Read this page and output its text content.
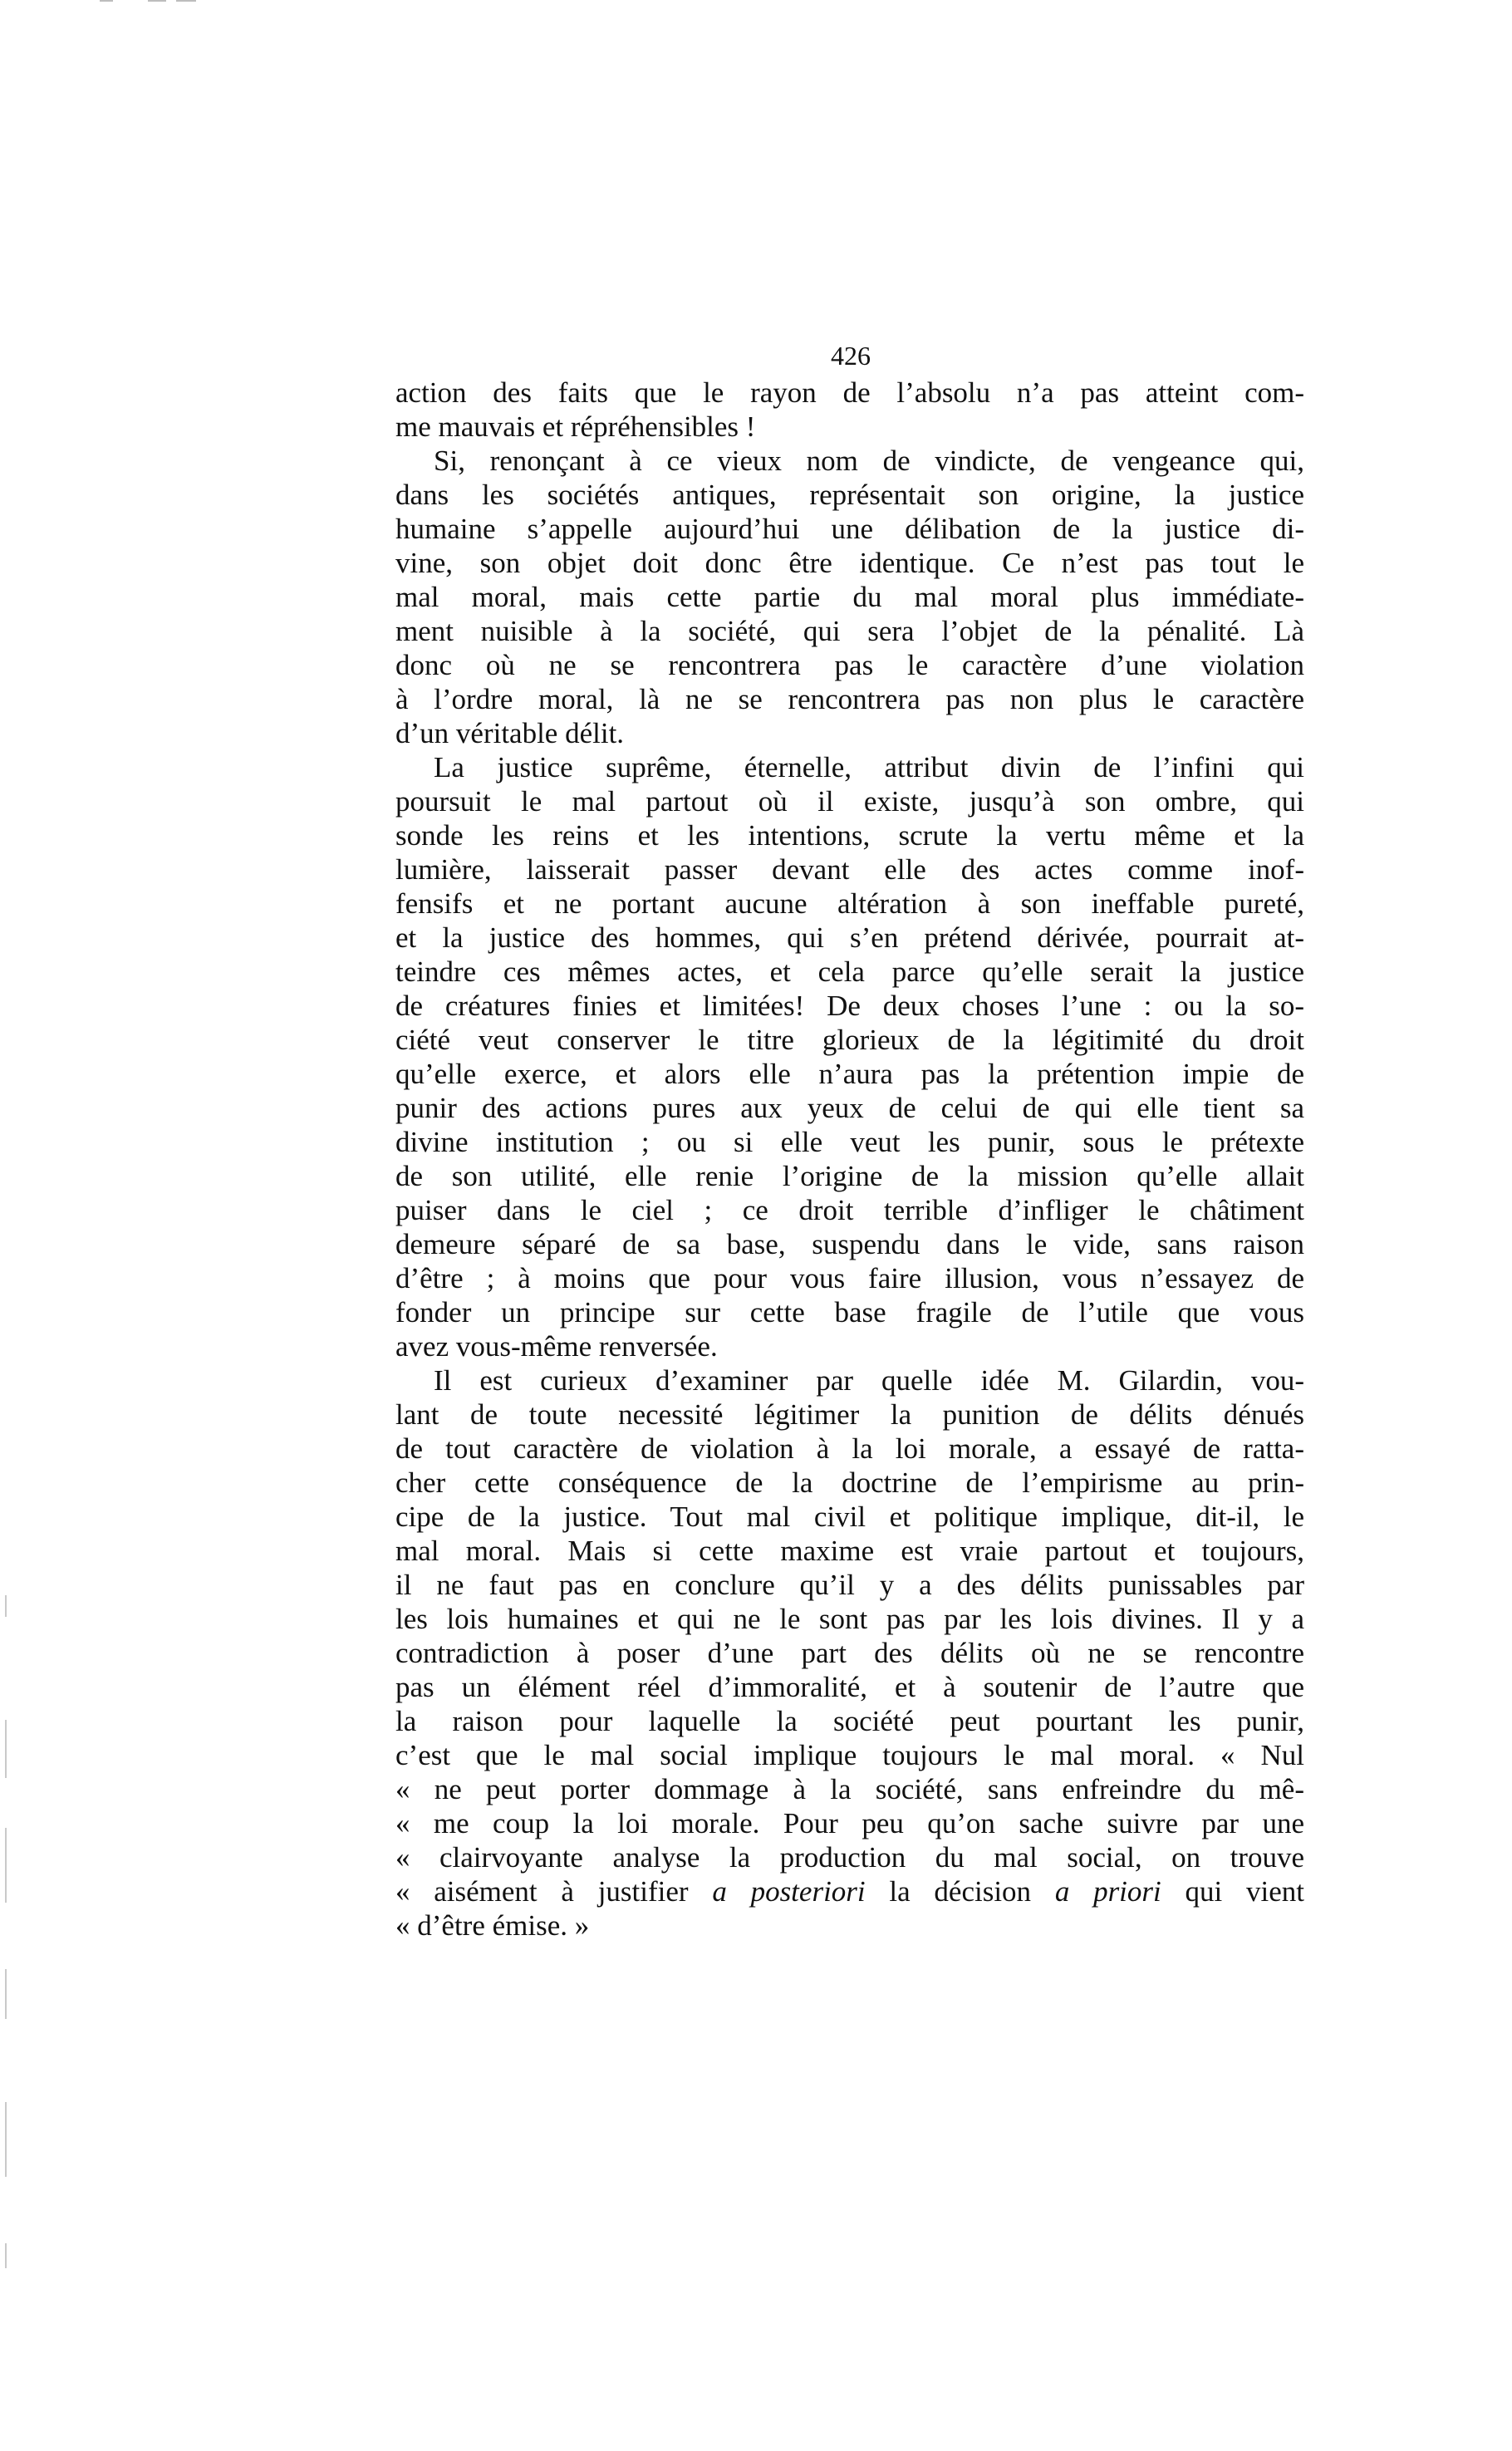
426
action des faits que le rayon de l’absolu n’a pas atteint com-
me mauvais et répréhensibles !
Si, renonçant à ce vieux nom de vindicte, de vengeance qui,
dans les sociétés antiques, représentait son origine, la justice
humaine s’appelle aujourd’hui une délibation de la justice di-
vine, son objet doit donc être identique. Ce n’est pas tout le
mal moral, mais cette partie du mal moral plus immédiate-
ment nuisible à la société, qui sera l’objet de la pénalité. Là
donc où ne se rencontrera pas le caractère d’une violation
à l’ordre moral, là ne se rencontrera pas non plus le caractère
d’un véritable délit.
La justice suprême, éternelle, attribut divin de l’infini qui
poursuit le mal partout où il existe, jusqu’à son ombre, qui
sonde les reins et les intentions, scrute la vertu même et la
lumière, laisserait passer devant elle des actes comme inof-
fensifs et ne portant aucune altération à son ineffable pureté,
et la justice des hommes, qui s’en prétend dérivée, pourrait at-
teindre ces mêmes actes, et cela parce qu’elle serait la justice
de créatures finies et limitées! De deux choses l’une : ou la so-
ciété veut conserver le titre glorieux de la légitimité du droit
qu’elle exerce, et alors elle n’aura pas la prétention impie de
punir des actions pures aux yeux de celui de qui elle tient sa
divine institution ; ou si elle veut les punir, sous le prétexte
de son utilité, elle renie l’origine de la mission qu’elle allait
puiser dans le ciel ; ce droit terrible d’infliger le châtiment
demeure séparé de sa base, suspendu dans le vide, sans raison
d’être ; à moins que pour vous faire illusion, vous n’essayez de
fonder un principe sur cette base fragile de l’utile que vous
avez vous-même renversée.
Il est curieux d’examiner par quelle idée M. Gilardin, vou-
lant de toute necessité légitimer la punition de délits dénués
de tout caractère de violation à la loi morale, a essayé de ratta-
cher cette conséquence de la doctrine de l’empirisme au prin-
cipe de la justice. Tout mal civil et politique implique, dit-il, le
mal moral. Mais si cette maxime est vraie partout et toujours,
il ne faut pas en conclure qu’il y a des délits punissables par
les lois humaines et qui ne le sont pas par les lois divines. Il y a
contradiction à poser d’une part des délits où ne se rencontre
pas un élément réel d’immoralité, et à soutenir de l’autre que
la raison pour laquelle la société peut pourtant les punir,
c’est que le mal social implique toujours le mal moral. « Nul
« ne peut porter dommage à la société, sans enfreindre du mê-
« me coup la loi morale. Pour peu qu’on sache suivre par une
« clairvoyante analyse la production du mal social, on trouve
« aisément à justifier a posteriori la décision a priori qui vient
« d’être émise. »
